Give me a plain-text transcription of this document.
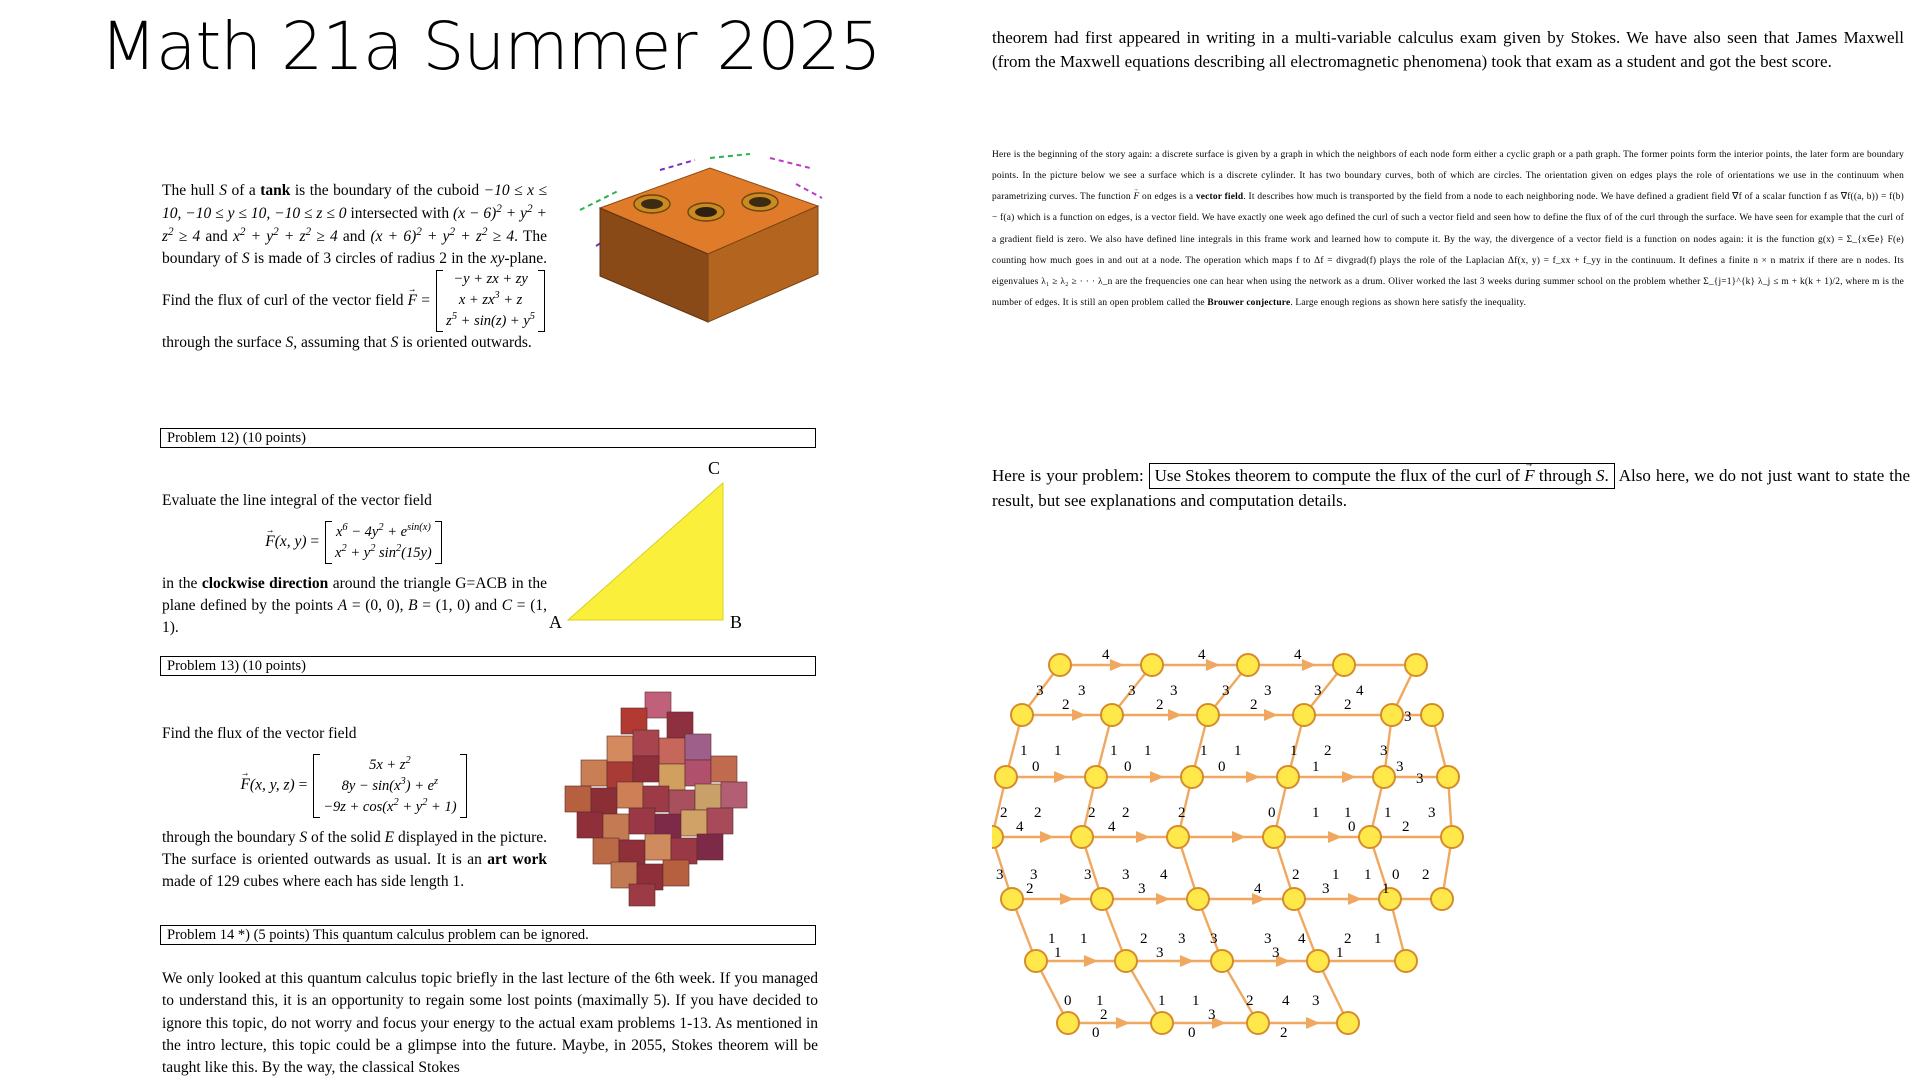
Math 21a Summer 2025
The hull S of a tank is the boundary of the cuboid −10 ≤ x ≤ 10, −10 ≤ y ≤ 10, −10 ≤ z ≤ 0 intersected with $(x - 6)^2 + y^2 + z^2 \ge 4$ and $x^2 + y^2 + z^2 \ge 4$ and $(x + 6)^2 + y^2 + z^2 \ge 4$. The boundary of S is made of 3 circles of radius 2 in the xy-plane. Find the flux of curl of the vector field F → = −y + zx + zy
$x + zx^3 + z$
$z^5 + \sin(z) + y^5$ through the surface S, assuming that S is oriented outwards.
Problem 12) (10 points)
Evaluate the line integral of the vector field
F →(x, $y) = x^6 - 4y^2 + e^{sin(x)}$
$x^2 + y^2$ $\sin^2(15y)$
in the clockwise direction around the triangle G=ACB in the plane defined by the points A = (0, 0), B = (1, 0) and C = (1, 1).
C
A	B
Problem 13) (10 points)
Find the flux of the vector field
F →(x, y, $z) = 5x + z^2$
$8y - \sin(x^3) + e^z$
$-9z + \cos(x^2 + y^2 + 1)$
through the boundary S of the solid E displayed in the picture. The surface is oriented outwards as usual. It is an art work made of 129 cubes where each has side length 1.
Problem 14 *) (5 points) This quantum calculus problem can be ignored.
We only looked at this quantum calculus topic briefly in the last lecture of the 6th week. If you managed to understand this, it is an opportunity to regain some lost points (maximally 5). If you have decided to ignore this topic, do not worry and focus your energy to the actual exam problems 1-13. As mentioned in the intro lecture, this topic could be a glimpse into the future. Maybe, in 2055, Stokes theorem will be taught like this. By the way, the classical Stokes
theorem had first appeared in writing in a multi-variable calculus exam given by Stokes. We have also seen that James Maxwell (from the Maxwell equations describing all electromagnetic phenomena) took that exam as a student and got the best score.
Here is the beginning of the story again: a discrete surface is given by a graph in which the neighbors of each node form either a cyclic graph or a path graph. The former points form the interior points, the later form are boundary points. In the picture below we see a surface which is a discrete cylinder. It has two boundary curves, both of which are circles. The orientation given on edges plays the role of orientations we use in the continuum when parametrizing curves. The function F → on edges is a vector field. It describes how much is transported by the field from a node to each neighboring node. We have defined a gradient field ∇f of a scalar function f as ∇f((a, b)) = f(b) − f(a) which is a function on edges, is a vector field. We have exactly one week ago defined the curl of such a vector field and seen how to define the flux of of the curl through the surface. We have seen for example that the curl of a gradient field is zero. We also have defined line integrals in this frame work and learned how to compute it. By the way, the divergence of a vector field is a function on nodes again: it is the function g(x) = Σ_{x∈e} F(e) counting how much goes in and out at a node. The operation which maps f to Δf = divgrad(f) plays the role of the Laplacian Δf(x, y) = f_xx + f_yy in the continuum. It defines a finite n × n matrix if there are n nodes. Its eigenvalues λ₁ ≥ λ₂ ≥ · · · λ_n are the frequencies one can hear when using the network as a drum. Oliver worked the last 3 weeks during summer school on the problem whether Σ_{j=1}^{k} λ_j ≤ m + k(k + 1)/2, where m is the number of edges. It is still an open problem called the Brouwer conjecture. Large enough regions as shown here satisfy the inequality.
Here is your problem: Use Stokes theorem to compute the flux of the curl of F → through S. Also here, we do not just want to state the result, but see explanations and computation details.
4	4	4
3 3	3 3	3 3	3 4
2	2	2	2
3
1 1	1 1	1 1	1 2	3
0	0	0	1	3
3
2 2	2 2	2	0 1 1 1 3
4	4	0	2
3 3	3 3 4	2 1 1 0 2
2	3	4	3	1
1 1	2 3 3	3 4	2 1
1	3	3	1
0 1	1 1	2 4 3
2	3
0	0	2
